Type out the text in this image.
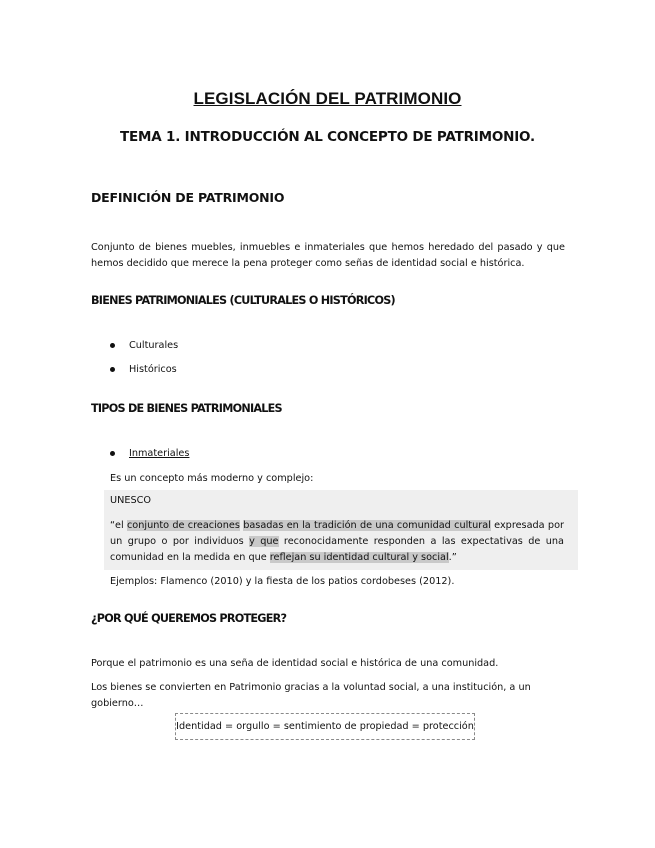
LEGISLACIÓN DEL PATRIMONIO
TEMA 1. INTRODUCCIÓN AL CONCEPTO DE PATRIMONIO.
DEFINICIÓN DE PATRIMONIO
Conjunto de bienes muebles, inmuebles e inmateriales que hemos heredado del pasado y que hemos decidido que merece la pena proteger como señas de identidad social e histórica.
BIENES PATRIMONIALES (CULTURALES O HISTÓRICOS)
Culturales
Históricos
TIPOS DE BIENES PATRIMONIALES
Inmateriales
Es un concepto más moderno y complejo:
UNESCO
“el conjunto de creaciones basadas en la tradición de una comunidad cultural expresada por un grupo o por individuos y que reconocidamente responden a las expectativas de una comunidad en la medida en que reflejan su identidad cultural y social.”
Ejemplos: Flamenco (2010) y la fiesta de los patios cordobeses (2012).
¿POR QUÉ QUEREMOS PROTEGER?
Porque el patrimonio es una seña de identidad social e histórica de una comunidad.
Los bienes se convierten en Patrimonio gracias a la voluntad social, a una institución, a un gobierno…
Identidad = orgullo = sentimiento de propiedad = protección
